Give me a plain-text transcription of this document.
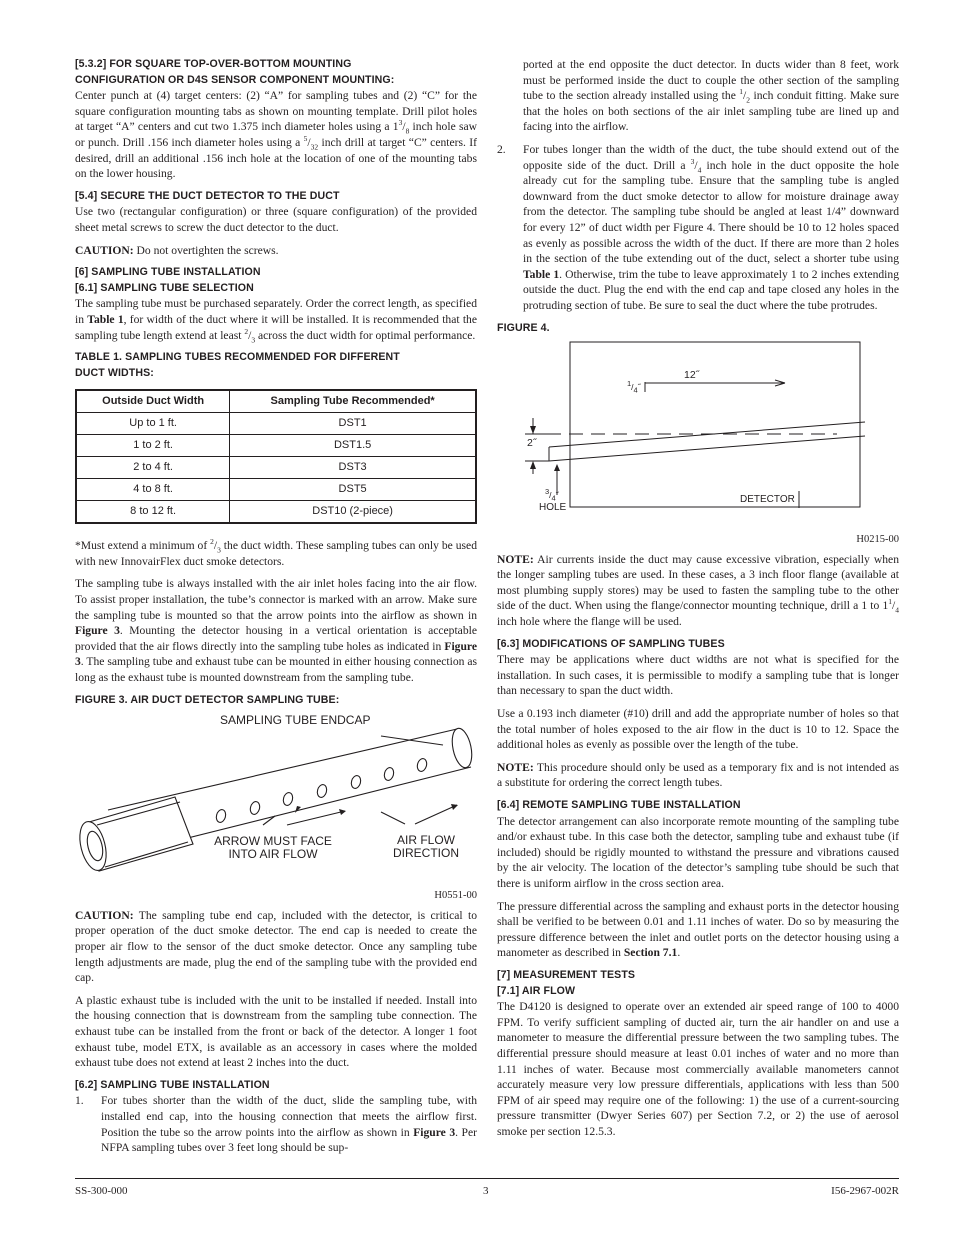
[5.3.2] FOR SQUARE TOP-OVER-BOTTOM MOUNTING
CONFIGURATION OR D4S SENSOR COMPONENT MOUNTING:

Center punch at (4) target centers: (2) “A” for sampling tubes and (2) “C” for the square configuration mounting tabs as shown on mounting template. Drill pilot holes at target “A” centers and cut two 1.375 inch diameter holes using a $1^3/_8$ inch hole saw or punch. Drill .156 inch diameter holes using a $^5/_{32}$ inch drill at target “C” centers. If desired, drill an additional .156 inch hole at the location of one of the mounting tabs on the lower housing.

[5.4] SECURE THE DUCT DETECTOR TO THE DUCT

Use two (rectangular configuration) or three (square configuration) of the provided sheet metal screws to screw the duct detector to the duct.

CAUTION: Do not overtighten the screws.

[6] SAMPLING TUBE INSTALLATION
[6.1] SAMPLING TUBE SELECTION

The sampling tube must be purchased separately. Order the correct length, as specified in Table 1, for width of the duct where it will be installed. It is recommended that the sampling tube length extend at least $^2/_3$ across the duct width for optimal performance.

TABLE 1. SAMPLING TUBES RECOMMENDED FOR DIFFERENT
DUCT WIDTHS:
Outside Duct Width	Sampling Tube Recommended*
Up to 1 ft.	DST1
1 to 2 ft.	DST1.5
2 to 4 ft.	DST3
4 to 8 ft.	DST5
8 to 12 ft.	DST10 (2-piece)

*Must extend a minimum of $^2/_3$ the duct width. These sampling tubes can only be used with new InnovairFlex duct smoke detectors.

The sampling tube is always installed with the air inlet holes facing into the air flow. To assist proper installation, the tube’s connector is marked with an arrow. Make sure the sampling tube is mounted so that the arrow points into the airflow as shown in Figure 3. Mounting the detector housing in a vertical orientation is acceptable provided that the air flows directly into the sampling tube holes as indicated in Figure 3. The sampling tube and exhaust tube can be mounted in either housing connection as long as the exhaust tube is mounted downstream from the sampling tube.

FIGURE 3. AIR DUCT DETECTOR SAMPLING TUBE:
SAMPLING TUBE ENDCAP
ARROW MUST FACE
INTO AIR FLOW
AIR FLOW
DIRECTION
H0551-00

CAUTION: The sampling tube end cap, included with the detector, is critical to proper operation of the duct smoke detector. The end cap is needed to create the proper air flow to the sensor of the duct smoke detector. Once any sampling tube length adjustments are made, plug the end of the sampling tube with the provided end cap.

A plastic exhaust tube is included with the unit to be installed if needed. Install into the housing connection that is downstream from the sampling tube connection. The exhaust tube can be installed from the front or back of the detector. A longer 1 foot exhaust tube, model ETX, is available as an accessory in cases where the molded exhaust tube does not extend at least 2 inches into the duct.

[6.2] SAMPLING TUBE INSTALLATION
1.	For tubes shorter than the width of the duct, slide the sampling tube, with installed end cap, into the housing connection that meets the airflow first. Position the tube so the arrow points into the airflow as shown in Figure 3. Per NFPA sampling tubes over 3 feet long should be sup-
ported at the end opposite the duct detector. In ducts wider than 8 feet, work must be performed inside the duct to couple the other section of the sampling tube to the section already installed using the $^1/_2$ inch conduit fitting. Make sure that the holes on both sections of the air inlet sampling tube are lined up and facing into the airflow.
2.	For tubes longer than the width of the duct, the tube should extend out of the opposite side of the duct. Drill a $^3/_4$ inch hole in the duct opposite the hole already cut for the sampling tube. Ensure that the sampling tube is angled downward from the duct smoke detector to allow for moisture drainage away from the detector. The sampling tube should be angled at least 1/4” downward for every 12” of duct width per Figure 4. There should be 10 to 12 holes spaced as evenly as possible across the width of the duct. If there are more than 2 holes in the section of the tube extending out of the duct, select a shorter tube using Table 1. Otherwise, trim the tube to leave approximately 1 to 2 inches extending outside the duct. Plug the end with the end cap and tape closed any holes in the protruding section of tube. Be sure to seal the duct where the tube protrudes.
FIGURE 4.
12˝
$^1/_4˝$
2˝
$^3/_4˝$
HOLE
DETECTOR
H0215-00

NOTE: Air currents inside the duct may cause excessive vibration, especially when the longer sampling tubes are used. In these cases, a 3 inch floor flange (available at most plumbing supply stores) may be used to fasten the sampling tube to the other side of the duct. When using the flange/connector mounting technique, drill a 1 to $1^1/_4$ inch hole where the flange will be used.

[6.3] MODIFICATIONS OF SAMPLING TUBES

There may be applications where duct widths are not what is specified for the installation. In such cases, it is permissible to modify a sampling tube that is longer than necessary to span the duct width.

Use a 0.193 inch diameter (#10) drill and add the appropriate number of holes so that the total number of holes exposed to the air flow in the duct is 10 to 12. Space the additional holes as evenly as possible over the length of the tube.

NOTE: This procedure should only be used as a temporary fix and is not intended as a substitute for ordering the correct length tubes.

[6.4] REMOTE SAMPLING TUBE INSTALLATION

The detector arrangement can also incorporate remote mounting of the sampling tube and/or exhaust tube. In this case both the detector, sampling tube and exhaust tube (if included) should be rigidly mounted to withstand the pressure and vibrations caused by the air velocity. The location of the detector’s sampling tube should be such that there is uniform airflow in the cross section area.

The pressure differential across the sampling and exhaust ports in the detector housing shall be verified to be between 0.01 and 1.11 inches of water. Do so by measuring the pressure difference between the inlet and outlet ports on the detector housing using a manometer as described in Section 7.1.

[7] MEASUREMENT TESTS
[7.1] AIR FLOW

The D4120 is designed to operate over an extended air speed range of 100 to 4000 FPM. To verify sufficient sampling of ducted air, turn the air handler on and use a manometer to measure the differential pressure between the two sampling tubes. The differential pressure should measure at least 0.01 inches of water and no more than 1.11 inches of water. Because most commercially available manometers cannot accurately measure very low pressure differentials, applications with less than 500 FPM of air speed may require one of the following: 1) the use of a current-sourcing pressure transmitter (Dwyer Series 607) per Section 7.2, or 2) the use of aerosol smoke per section 12.5.3.

SS-300-000	3	I56-2967-002R
